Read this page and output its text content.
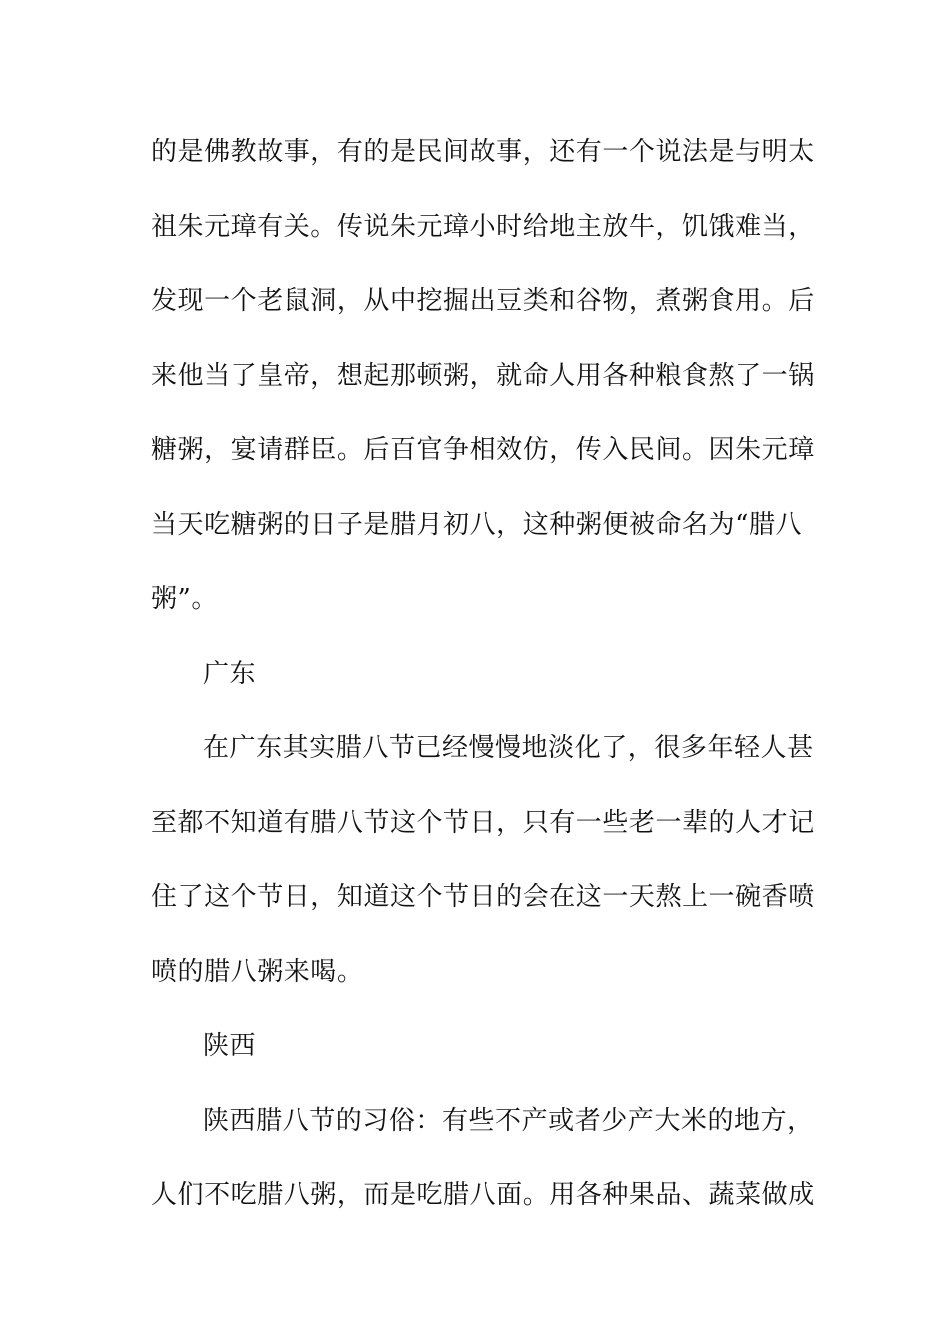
的是佛教故事，有的是民间故事，还有一个说法是与明太
祖朱元璋有关。传说朱元璋小时给地主放牛，饥饿难当，
发现一个老鼠洞，从中挖掘出豆类和谷物，煮粥食用。后
来他当了皇帝，想起那顿粥，就命人用各种粮食熬了一锅
糖粥，宴请群臣。后百官争相效仿，传入民间。因朱元璋
当天吃糖粥的日子是腊月初八，这种粥便被命名为“腊八
粥”。
广东
在广东其实腊八节已经慢慢地淡化了，很多年轻人甚
至都不知道有腊八节这个节日，只有一些老一辈的人才记
住了这个节日，知道这个节日的会在这一天熬上一碗香喷
喷的腊八粥来喝。
陕西
陕西腊八节的习俗：有些不产或者少产大米的地方，
人们不吃腊八粥，而是吃腊八面。用各种果品、蔬菜做成
